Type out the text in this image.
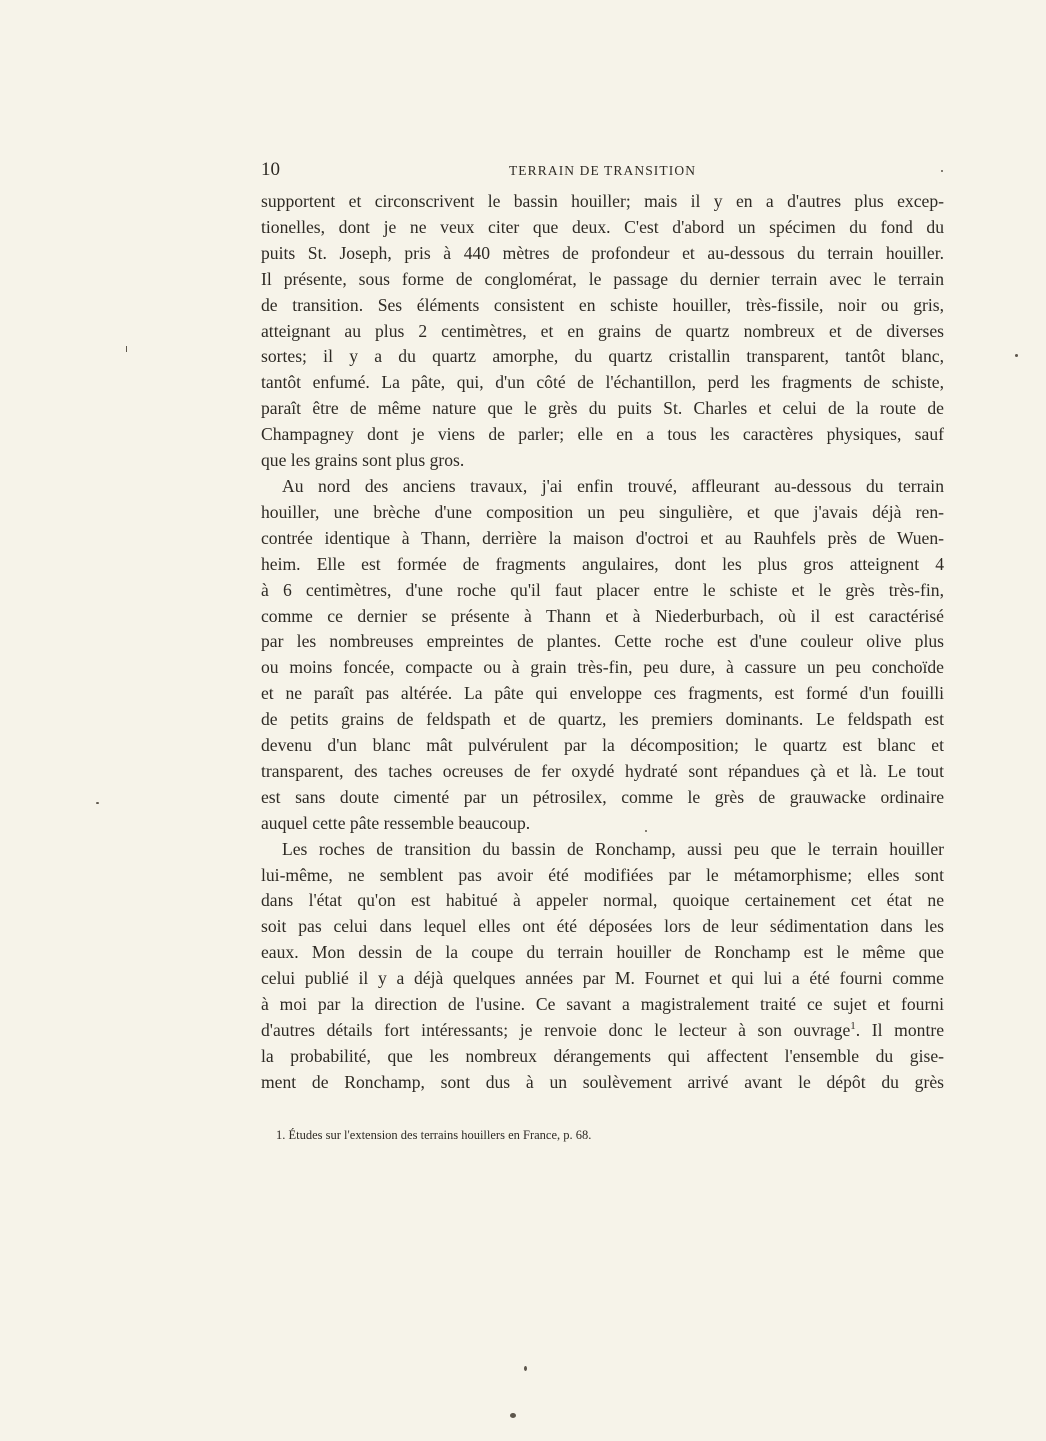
10	TERRAIN DE TRANSITION

supportent et circonscrivent le bassin houiller; mais il y en a d'autres plus excep-
tionelles, dont je ne veux citer que deux. C'est d'abord un spécimen du fond du
puits St. Joseph, pris à 440 mètres de profondeur et au-dessous du terrain houiller.
Il présente, sous forme de conglomérat, le passage du dernier terrain avec le terrain
de transition. Ses éléments consistent en schiste houiller, très-fissile, noir ou gris,
atteignant au plus 2 centimètres, et en grains de quartz nombreux et de diverses
sortes; il y a du quartz amorphe, du quartz cristallin transparent, tantôt blanc,
tantôt enfumé. La pâte, qui, d'un côté de l'échantillon, perd les fragments de schiste,
paraît être de même nature que le grès du puits St. Charles et celui de la route de
Champagney dont je viens de parler; elle en a tous les caractères physiques, sauf
que les grains sont plus gros.

Au nord des anciens travaux, j'ai enfin trouvé, affleurant au-dessous du terrain
houiller, une brèche d'une composition un peu singulière, et que j'avais déjà ren-
contrée identique à Thann, derrière la maison d'octroi et au Rauhfels près de Wuen-
heim. Elle est formée de fragments angulaires, dont les plus gros atteignent 4
à 6 centimètres, d'une roche qu'il faut placer entre le schiste et le grès très-fin,
comme ce dernier se présente à Thann et à Niederburbach, où il est caractérisé
par les nombreuses empreintes de plantes. Cette roche est d'une couleur olive plus
ou moins foncée, compacte ou à grain très-fin, peu dure, à cassure un peu conchoïde
et ne paraît pas altérée. La pâte qui enveloppe ces fragments, est formé d'un fouilli
de petits grains de feldspath et de quartz, les premiers dominants. Le feldspath est
devenu d'un blanc mât pulvérulent par la décomposition; le quartz est blanc et
transparent, des taches ocreuses de fer oxydé hydraté sont répandues çà et là. Le tout
est sans doute cimenté par un pétrosilex, comme le grès de grauwacke ordinaire
auquel cette pâte ressemble beaucoup.

Les roches de transition du bassin de Ronchamp, aussi peu que le terrain houiller
lui-même, ne semblent pas avoir été modifiées par le métamorphisme; elles sont
dans l'état qu'on est habitué à appeler normal, quoique certainement cet état ne
soit pas celui dans lequel elles ont été déposées lors de leur sédimentation dans les
eaux. Mon dessin de la coupe du terrain houiller de Ronchamp est le même que
celui publié il y a déjà quelques années par M. Fournet et qui lui a été fourni comme
à moi par la direction de l'usine. Ce savant a magistralement traité ce sujet et fourni
d'autres détails fort intéressants; je renvoie donc le lecteur à son ouvrage$^1$. Il montre
la probabilité, que les nombreux dérangements qui affectent l'ensemble du gise-
ment de Ronchamp, sont dus à un soulèvement arrivé avant le dépôt du grès

1. Études sur l'extension des terrains houillers en France, p. 68.
